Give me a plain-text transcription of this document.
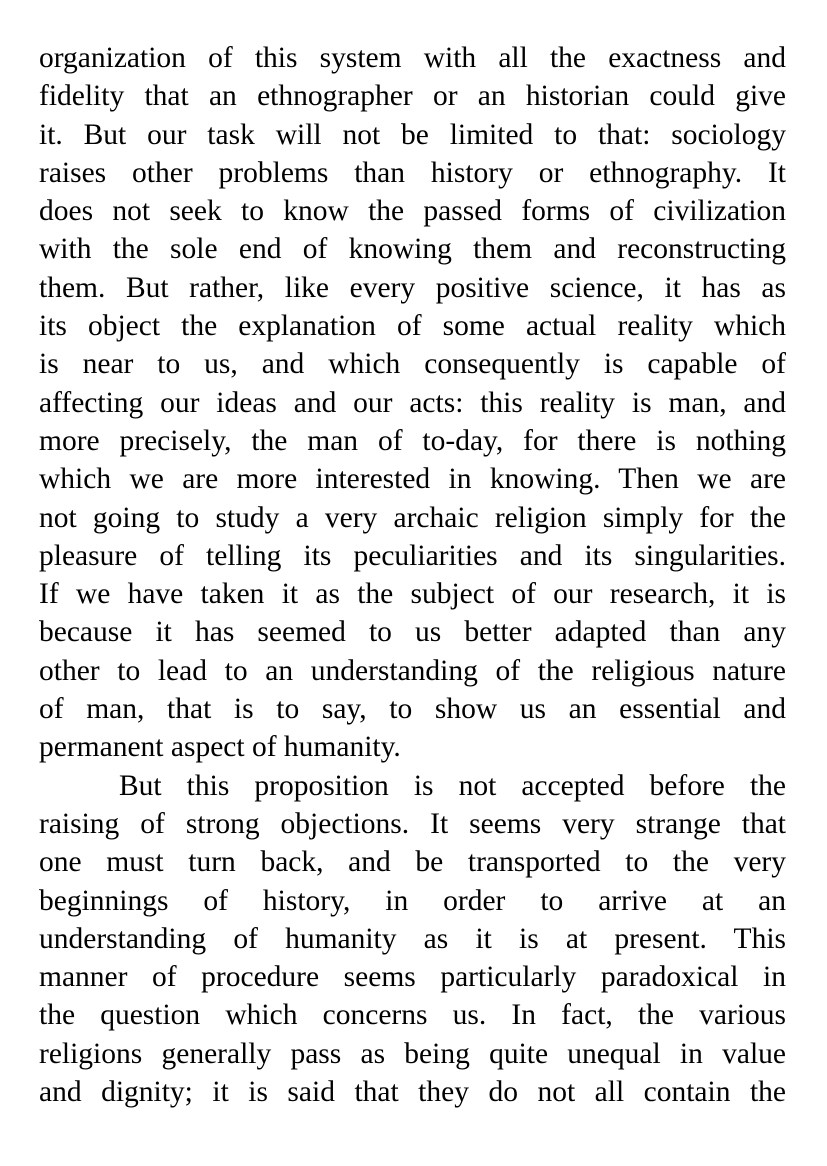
organization of this system with all the exactness and
fidelity that an ethnographer or an historian could give
it. But our task will not be limited to that: sociology
raises other problems than history or ethnography. It
does not seek to know the passed forms of civilization
with the sole end of knowing them and reconstructing
them. But rather, like every positive science, it has as
its object the explanation of some actual reality which
is near to us, and which consequently is capable of
affecting our ideas and our acts: this reality is man, and
more precisely, the man of to-day, for there is nothing
which we are more interested in knowing. Then we are
not going to study a very archaic religion simply for the
pleasure of telling its peculiarities and its singularities.
If we have taken it as the subject of our research, it is
because it has seemed to us better adapted than any
other to lead to an understanding of the religious nature
of man, that is to say, to show us an essential and
permanent aspect of humanity.

But this proposition is not accepted before the
raising of strong objections. It seems very strange that
one must turn back, and be transported to the very
beginnings of history, in order to arrive at an
understanding of humanity as it is at present. This
manner of procedure seems particularly paradoxical in
the question which concerns us. In fact, the various
religions generally pass as being quite unequal in value
and dignity; it is said that they do not all contain the
